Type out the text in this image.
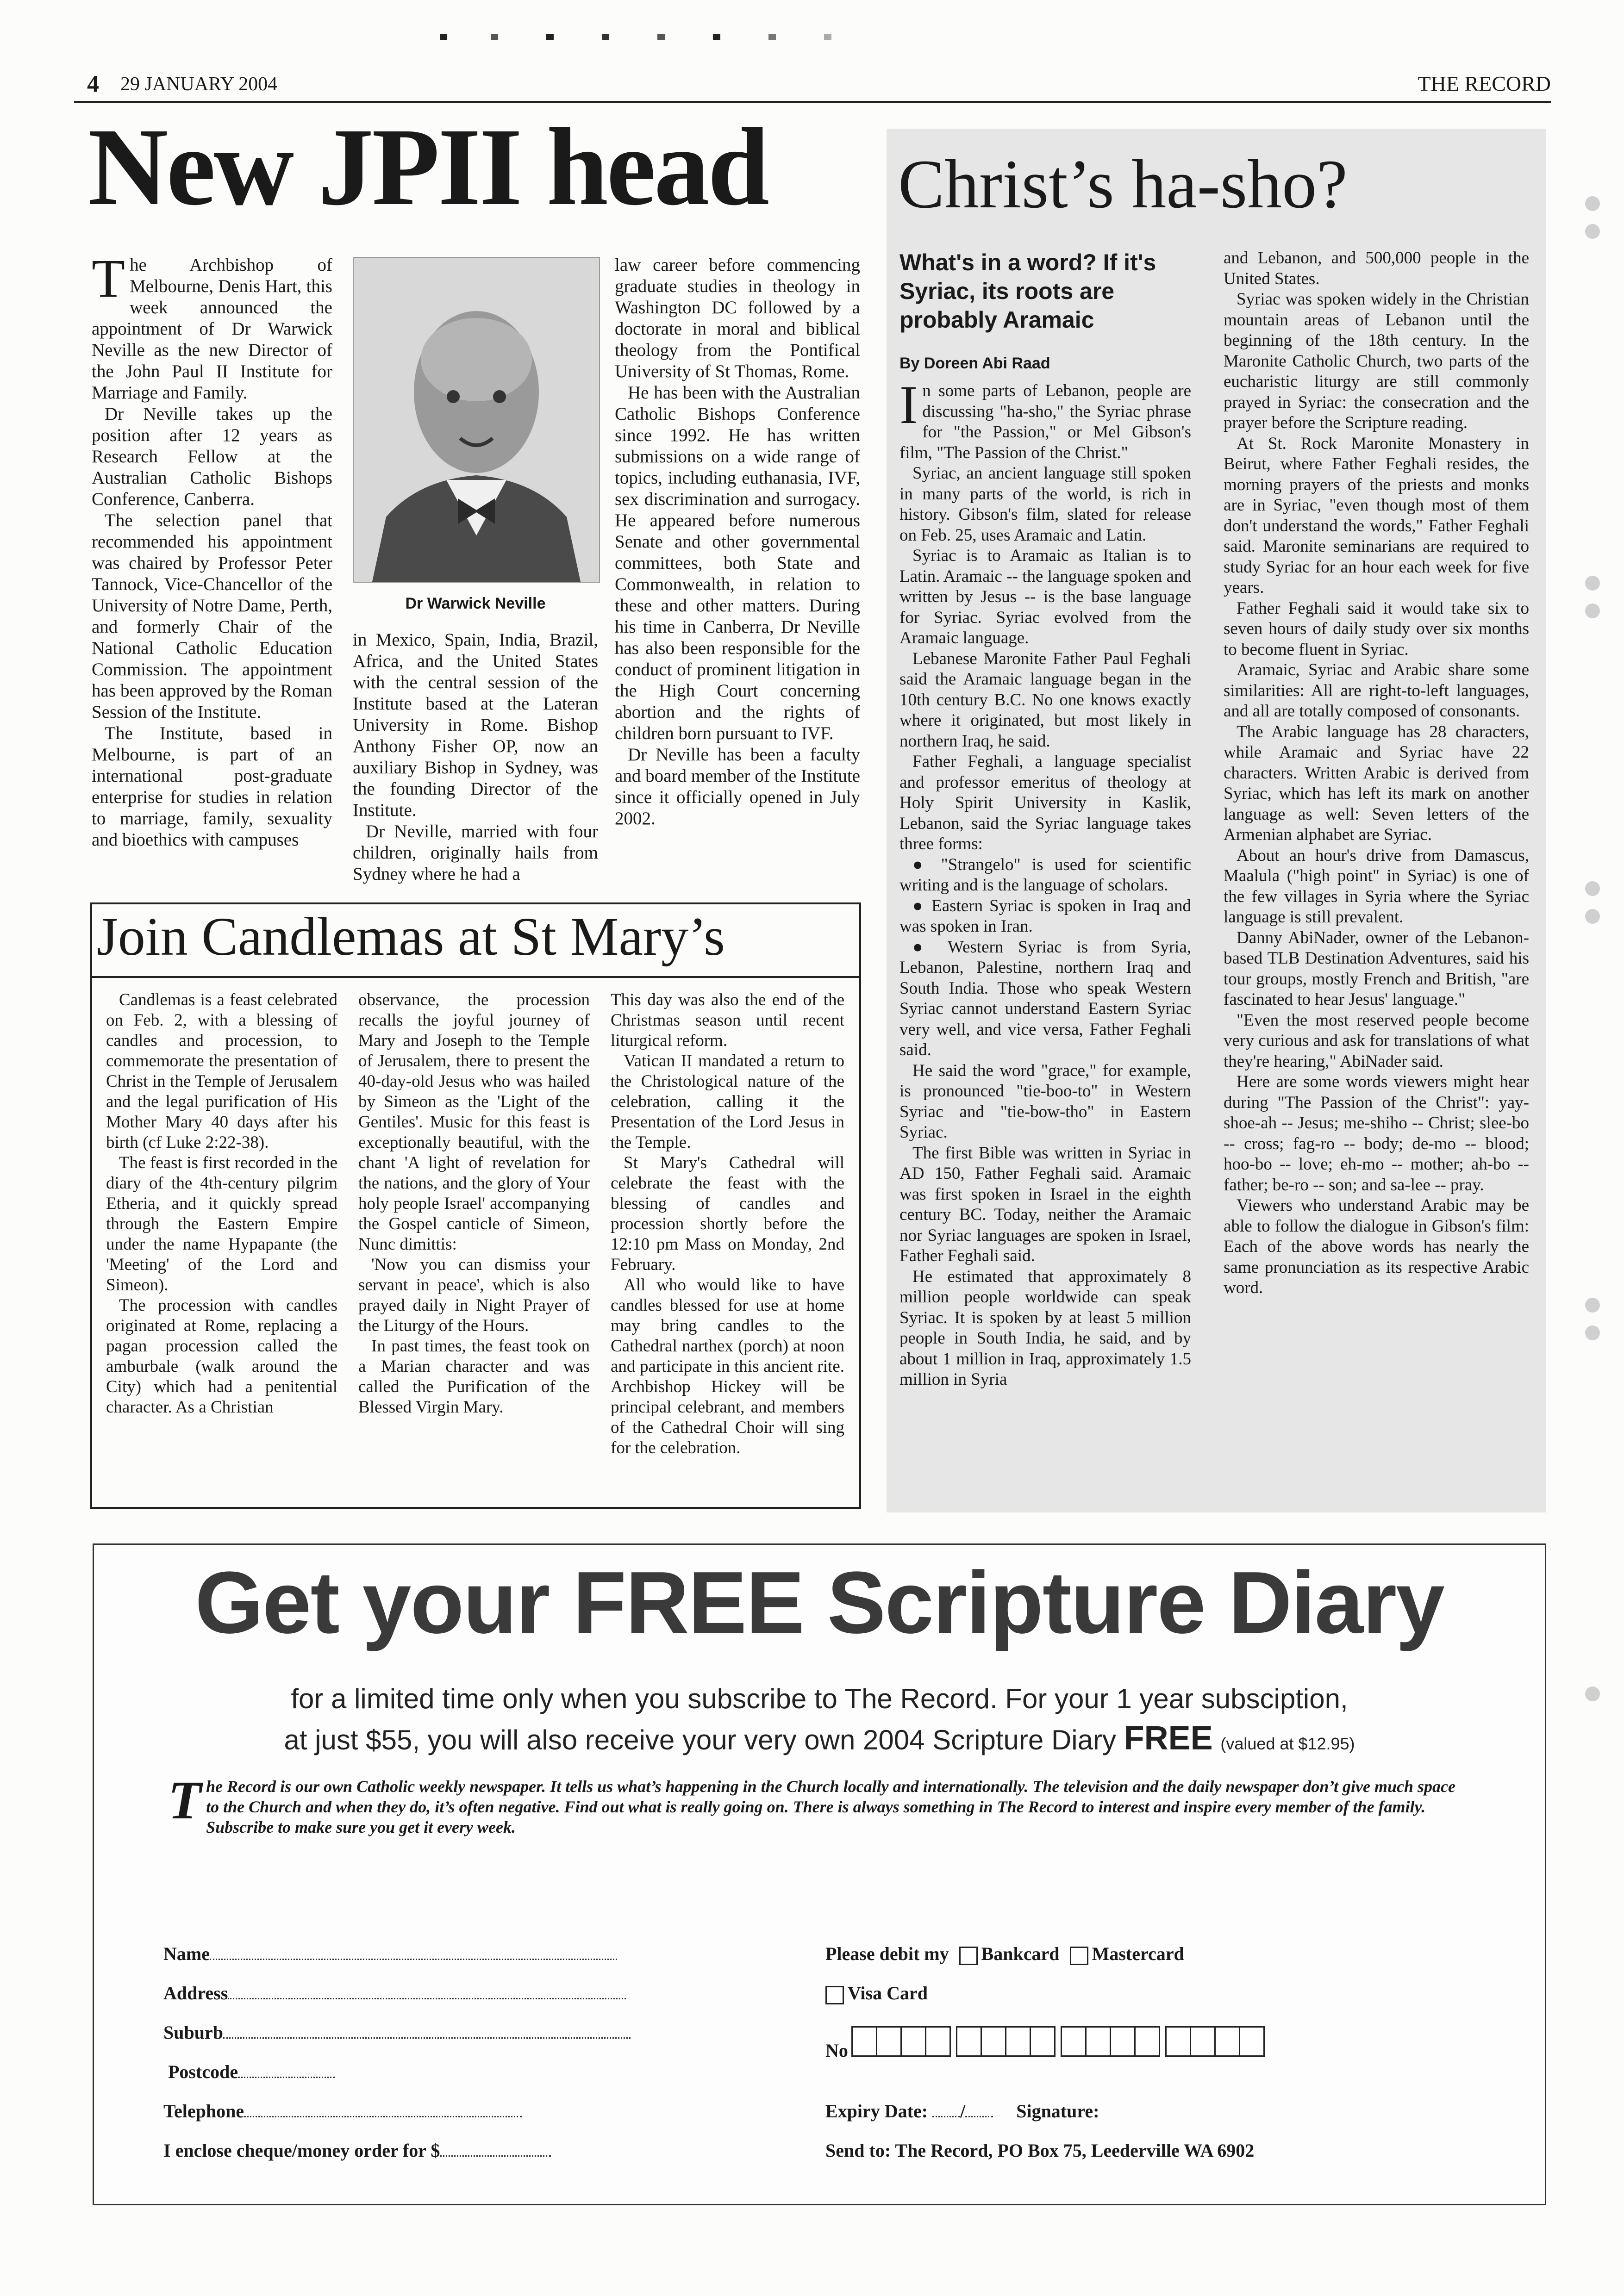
4 29 JANUARY 2004	THE RECORD
New JPII head

The Archbishop of Melbourne, Denis Hart, this week announced the appointment of Dr Warwick Neville as the new Director of the John Paul II Institute for Marriage and Family.

Dr Neville takes up the position after 12 years as Research Fellow at the Australian Catholic Bishops Conference, Canberra.

The selection panel that recommended his appointment was chaired by Professor Peter Tannock, Vice-Chancellor of the University of Notre Dame, Perth, and formerly Chair of the National Catholic Education Commission. The appointment has been approved by the Roman Session of the Institute.

The Institute, based in Melbourne, is part of an international post-graduate enterprise for studies in relation to marriage, family, sexuality and bioethics with campuses

Dr Warwick Neville

in Mexico, Spain, India, Brazil, Africa, and the United States with the central session of the Institute based at the Lateran University in Rome. Bishop Anthony Fisher OP, now an auxiliary Bishop in Sydney, was the founding Director of the Institute.

Dr Neville, married with four children, originally hails from Sydney where he had a

law career before commencing graduate studies in theology in Washington DC followed by a doctorate in moral and biblical theology from the Pontifical University of St Thomas, Rome.

He has been with the Australian Catholic Bishops Conference since 1992. He has written submissions on a wide range of topics, including euthanasia, IVF, sex discrimination and surrogacy. He appeared before numerous Senate and other governmental committees, both State and Commonwealth, in relation to these and other matters. During his time in Canberra, Dr Neville has also been responsible for the conduct of prominent litigation in the High Court concerning abortion and the rights of children born pursuant to IVF.

Dr Neville has been a faculty and board member of the Institute since it officially opened in July 2002.

Join Candlemas at St Mary’s

Candlemas is a feast celebrated on Feb. 2, with a blessing of candles and procession, to commemorate the presentation of Christ in the Temple of Jerusalem and the legal purification of His Mother Mary 40 days after his birth (cf Luke 2:22-38).

The feast is first recorded in the diary of the 4th-century pilgrim Etheria, and it quickly spread through the Eastern Empire under the name Hypapante (the 'Meeting' of the Lord and Simeon).

The procession with candles originated at Rome, replacing a pagan procession called the amburbale (walk around the City) which had a penitential character. As a Christian

observance, the procession recalls the joyful journey of Mary and Joseph to the Temple of Jerusalem, there to present the 40-day-old Jesus who was hailed by Simeon as the 'Light of the Gentiles'. Music for this feast is exceptionally beautiful, with the chant 'A light of revelation for the nations, and the glory of Your holy people Israel' accompanying the Gospel canticle of Simeon, Nunc dimittis:

'Now you can dismiss your servant in peace', which is also prayed daily in Night Prayer of the Liturgy of the Hours.

In past times, the feast took on a Marian character and was called the Purification of the Blessed Virgin Mary.

This day was also the end of the Christmas season until recent liturgical reform.

Vatican II mandated a return to the Christological nature of the celebration, calling it the Presentation of the Lord Jesus in the Temple.

St Mary's Cathedral will celebrate the feast with the blessing of candles and procession shortly before the 12:10 pm Mass on Monday, 2nd February.

All who would like to have candles blessed for use at home may bring candles to the Cathedral narthex (porch) at noon and participate in this ancient rite. Archbishop Hickey will be principal celebrant, and members of the Cathedral Choir will sing for the celebration.

Christ’s ha-sho?
What's in a word? If it's Syriac, its roots are probably Aramaic
By Doreen Abi Raad

In some parts of Lebanon, people are discussing "ha-sho," the Syriac phrase for "the Passion," or Mel Gibson's film, "The Passion of the Christ."

Syriac, an ancient language still spoken in many parts of the world, is rich in history. Gibson's film, slated for release on Feb. 25, uses Aramaic and Latin.

Syriac is to Aramaic as Italian is to Latin. Aramaic -- the language spoken and written by Jesus -- is the base language for Syriac. Syriac evolved from the Aramaic language.

Lebanese Maronite Father Paul Feghali said the Aramaic language began in the 10th century B.C. No one knows exactly where it originated, but most likely in northern Iraq, he said.

Father Feghali, a language specialist and professor emeritus of theology at Holy Spirit University in Kaslik, Lebanon, said the Syriac language takes three forms:

● "Strangelo" is used for scientific writing and is the language of scholars.

● Eastern Syriac is spoken in Iraq and was spoken in Iran.

● Western Syriac is from Syria, Lebanon, Palestine, northern Iraq and South India. Those who speak Western Syriac cannot understand Eastern Syriac very well, and vice versa, Father Feghali said.

He said the word "grace," for example, is pronounced "tie-boo-to" in Western Syriac and "tie-bow-tho" in Eastern Syriac.

The first Bible was written in Syriac in AD 150, Father Feghali said. Aramaic was first spoken in Israel in the eighth century BC. Today, neither the Aramaic nor Syriac languages are spoken in Israel, Father Feghali said.

He estimated that approximately 8 million people worldwide can speak Syriac. It is spoken by at least 5 million people in South India, he said, and by about 1 million in Iraq, approximately 1.5 million in Syria

and Lebanon, and 500,000 people in the United States.

Syriac was spoken widely in the Christian mountain areas of Lebanon until the beginning of the 18th century. In the Maronite Catholic Church, two parts of the eucharistic liturgy are still commonly prayed in Syriac: the consecration and the prayer before the Scripture reading.

At St. Rock Maronite Monastery in Beirut, where Father Feghali resides, the morning prayers of the priests and monks are in Syriac, "even though most of them don't understand the words," Father Feghali said. Maronite seminarians are required to study Syriac for an hour each week for five years.

Father Feghali said it would take six to seven hours of daily study over six months to become fluent in Syriac.

Aramaic, Syriac and Arabic share some similarities: All are right-to-left languages, and all are totally composed of consonants.

The Arabic language has 28 characters, while Aramaic and Syriac have 22 characters. Written Arabic is derived from Syriac, which has left its mark on another language as well: Seven letters of the Armenian alphabet are Syriac.

About an hour's drive from Damascus, Maalula ("high point" in Syriac) is one of the few villages in Syria where the Syriac language is still prevalent.

Danny AbiNader, owner of the Lebanon-based TLB Destination Adventures, said his tour groups, mostly French and British, "are fascinated to hear Jesus' language."

"Even the most reserved people become very curious and ask for translations of what they're hearing," AbiNader said.

Here are some words viewers might hear during "The Passion of the Christ": yay-shoe-ah -- Jesus; me-shiho -- Christ; slee-bo -- cross; fag-ro -- body; de-mo -- blood; hoo-bo -- love; eh-mo -- mother; ah-bo -- father; be-ro -- son; and sa-lee -- pray.

Viewers who understand Arabic may be able to follow the dialogue in Gibson's film: Each of the above words has nearly the same pronunciation as its respective Arabic word.

Get your FREE Scripture Diary
for a limited time only when you subscribe to The Record. For your 1 year subsciption,
at just $55, you will also receive your very own 2004 Scripture Diary FREE (valued at $12.95)
The Record is our own Catholic weekly newspaper. It tells us what’s happening in the Church locally and internationally. The television and the daily newspaper don’t give much space to the Church and when they do, it’s often negative. Find out what is really going on. There is always something in The Record to interest and inspire every member of the family. Subscribe to make sure you get it every week.
Name
Address
Suburb
Postcode
Telephone
I enclose cheque/money order for $
Please debit my Bankcard Mastercard
Visa Card
No
Expiry Date: /	Signature:
Send to: The Record, PO Box 75, Leederville WA 6902
